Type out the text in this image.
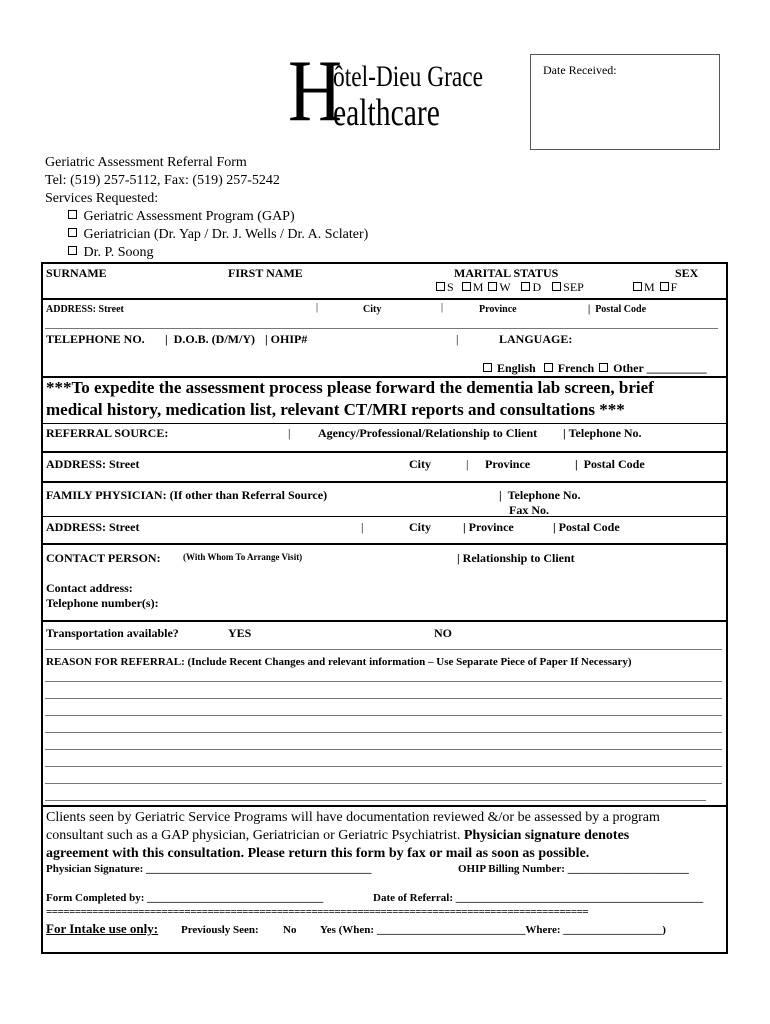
H
ôtel-Dieu Grace
ealthcare
Date Received:
Geriatric Assessment Referral Form
Tel: (519) 257-5112, Fax: (519) 257-5242
Services Requested:
Geriatric Assessment Program (GAP)
Geriatrician (Dr. Yap / Dr. J. Wells / Dr. A. Sclater)
Dr. P. Soong
SURNAME	FIRST NAME	MARITAL STATUS	SEX
S M W D SEP	M F
ADDRESS: Street	|	City	|	Province	|  Postal Code
TELEPHONE NO. |  D.O.B. (D/M/Y) | OHIP#	|	LANGUAGE:
English French Other __________
***To expedite the assessment process please forward the dementia lab screen, brief
medical history, medication list, relevant CT/MRI reports and consultations ***
REFERRAL SOURCE:	| Agency/Professional/Relationship to Client | Telephone No.
ADDRESS: Street	City	| Province	|  Postal Code
FAMILY PHYSICIAN: (If other than Referral Source)	|  Telephone No.
Fax No.
ADDRESS: Street	|	City	| Province	| Postal Code
CONTACT PERSON: (With Whom To Arrange Visit)	| Relationship to Client
Contact address:
Telephone number(s):
Transportation available?	YES	NO
REASON FOR REFERRAL: (Include Recent Changes and relevant information – Use Separate Piece of Paper If Necessary)
Clients seen by Geriatric Service Programs will have documentation reviewed &/or be assessed by a program
consultant such as a GAP physician, Geriatrician or Geriatric Psychiatrist. Physician signature denotes
agreement with this consultation. Please return this form by fax or mail as soon as possible.
Physician Signature: _________________________________________	OHIP Billing Number: ______________________
Form Completed by: ________________________________	Date of Referral: _____________________________________________
==============================================================================================
For Intake use only: Previously Seen: No Yes (When: ___________________________Where: __________________)
